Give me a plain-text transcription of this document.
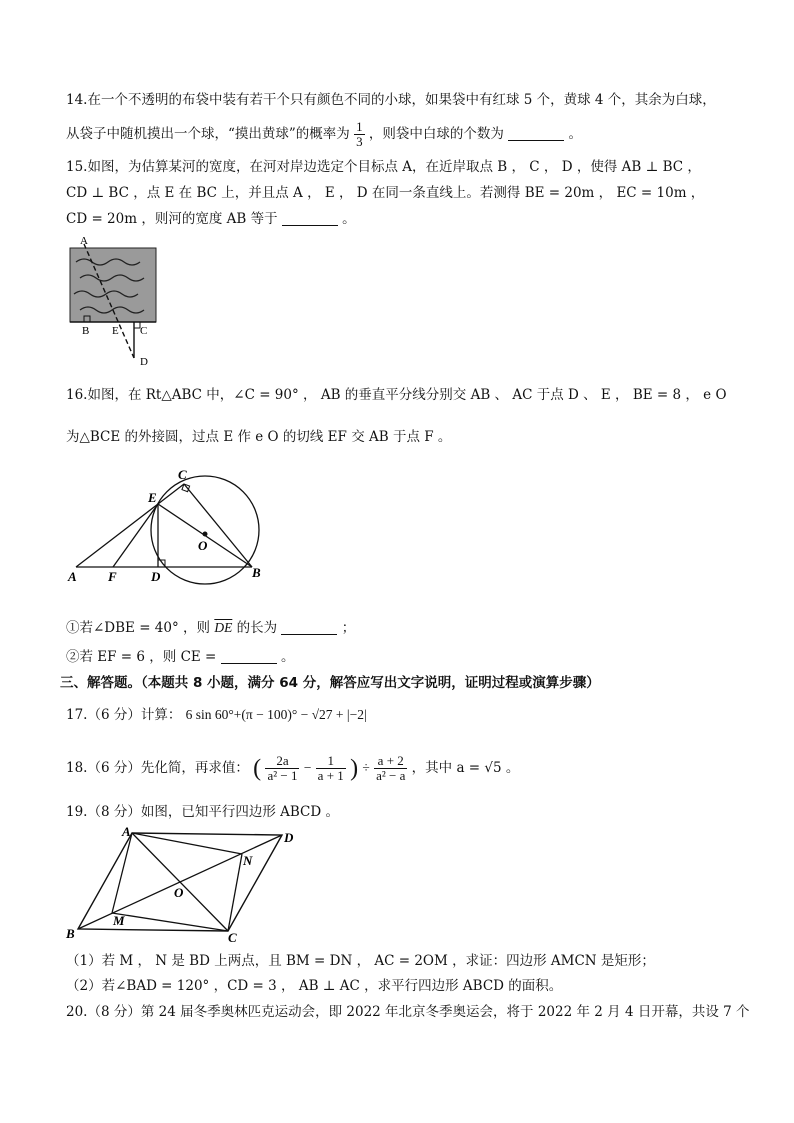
14.在一个不透明的布袋中装有若干个只有颜色不同的小球，如果袋中有红球 5 个，黄球 4 个，其余为白球，
从袋子中随机摸出一个球，“摸出黄球”的概率为 $\frac{1}{3}$ ，则袋中白球的个数为	。
15.如图，为估算某河的宽度，在河对岸边选定个目标点 A，在近岸取点 B ， C ， D ，使得 AB ⊥ BC ，
CD ⊥ BC ，点 E 在 BC 上，并且点 A ， E ， D 在同一条直线上。若测得 BE = 20m ， EC = 10m ，
CD = 20m ，则河的宽度 AB 等于	。
A
B E C
D
16.如图，在 Rt△ABC 中，∠C = 90° ， AB 的垂直平分线分别交 AB 、 AC 于点 D 、 E ， BE = 8 ， e O
为△BCE 的外接圆，过点 E 作 e O 的切线 EF 交 AB 于点 F 。
C
E
O
A F	D	B
①若∠DBE = 40° ，则 $\overline{DE}$ 的长为	；
②若 EF = 6 ，则 CE =	。
三、解答题。（本题共 8 小题，满分 64 分，解答应写出文字说明，证明过程或演算步骤）
17.（6 分）计算： 6 sin 60°+(π − 100)° − √27 + |−2|
18.（6 分）先化简，再求值： ( $\frac{2a}{\text{a² − 1}} - \frac{1}{a + 1}$ ) ÷ $\frac{a + 2}{\text{a² − a}}$ ，其中 a = √5 。
19.（8 分）如图，已知平行四边形 ABCD 。
A	D
N
O
M
B	C
（1）若 M ， N 是 BD 上两点，且 BM = DN ， AC = 2OM ，求证：四边形 AMCN 是矩形；
（2）若∠BAD = 120° ，CD = 3 ， AB ⊥ AC ，求平行四边形 ABCD 的面积。
20.（8 分）第 24 届冬季奥林匹克运动会，即 2022 年北京冬季奥运会，将于 2022 年 2 月 4 日开幕，共设 7 个
